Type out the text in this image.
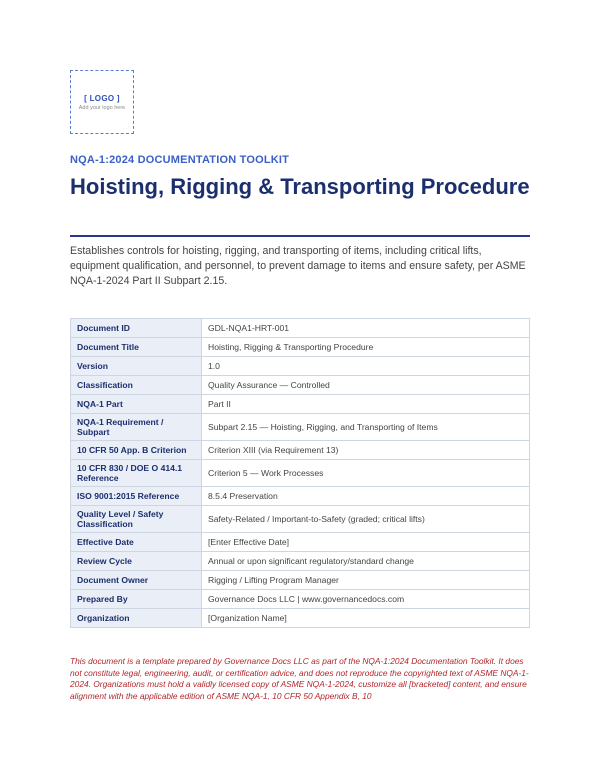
[ LOGO ]
Add your logo here
NQA-1:2024 DOCUMENTATION TOOLKIT
Hoisting, Rigging & Transporting Procedure
Establishes controls for hoisting, rigging, and transporting of items, including critical lifts, equipment qualification, and personnel, to prevent damage to items and ensure safety, per ASME NQA-1-2024 Part II Subpart 2.15.
Document ID	GDL-NQA1-HRT-001
Document Title	Hoisting, Rigging & Transporting Procedure
Version	1.0
Classification	Quality Assurance — Controlled
NQA-1 Part	Part II
NQA-1 Requirement / Subpart	Subpart 2.15 — Hoisting, Rigging, and Transporting of Items
10 CFR 50 App. B Criterion	Criterion XIII (via Requirement 13)
10 CFR 830 / DOE O 414.1 Reference	Criterion 5 — Work Processes
ISO 9001:2015 Reference	8.5.4 Preservation
Quality Level / Safety Classification	Safety-Related / Important-to-Safety (graded; critical lifts)
Effective Date	[Enter Effective Date]
Review Cycle	Annual or upon significant regulatory/standard change
Document Owner	Rigging / Lifting Program Manager
Prepared By	Governance Docs LLC | www.governancedocs.com
Organization	[Organization Name]
This document is a template prepared by Governance Docs LLC as part of the NQA-1:2024 Documentation Toolkit. It does not constitute legal, engineering, audit, or certification advice, and does not reproduce the copyrighted text of ASME NQA-1-2024. Organizations must hold a validly licensed copy of ASME NQA-1-2024, customize all [bracketed] content, and ensure alignment with the applicable edition of ASME NQA-1, 10 CFR 50 Appendix B, 10
